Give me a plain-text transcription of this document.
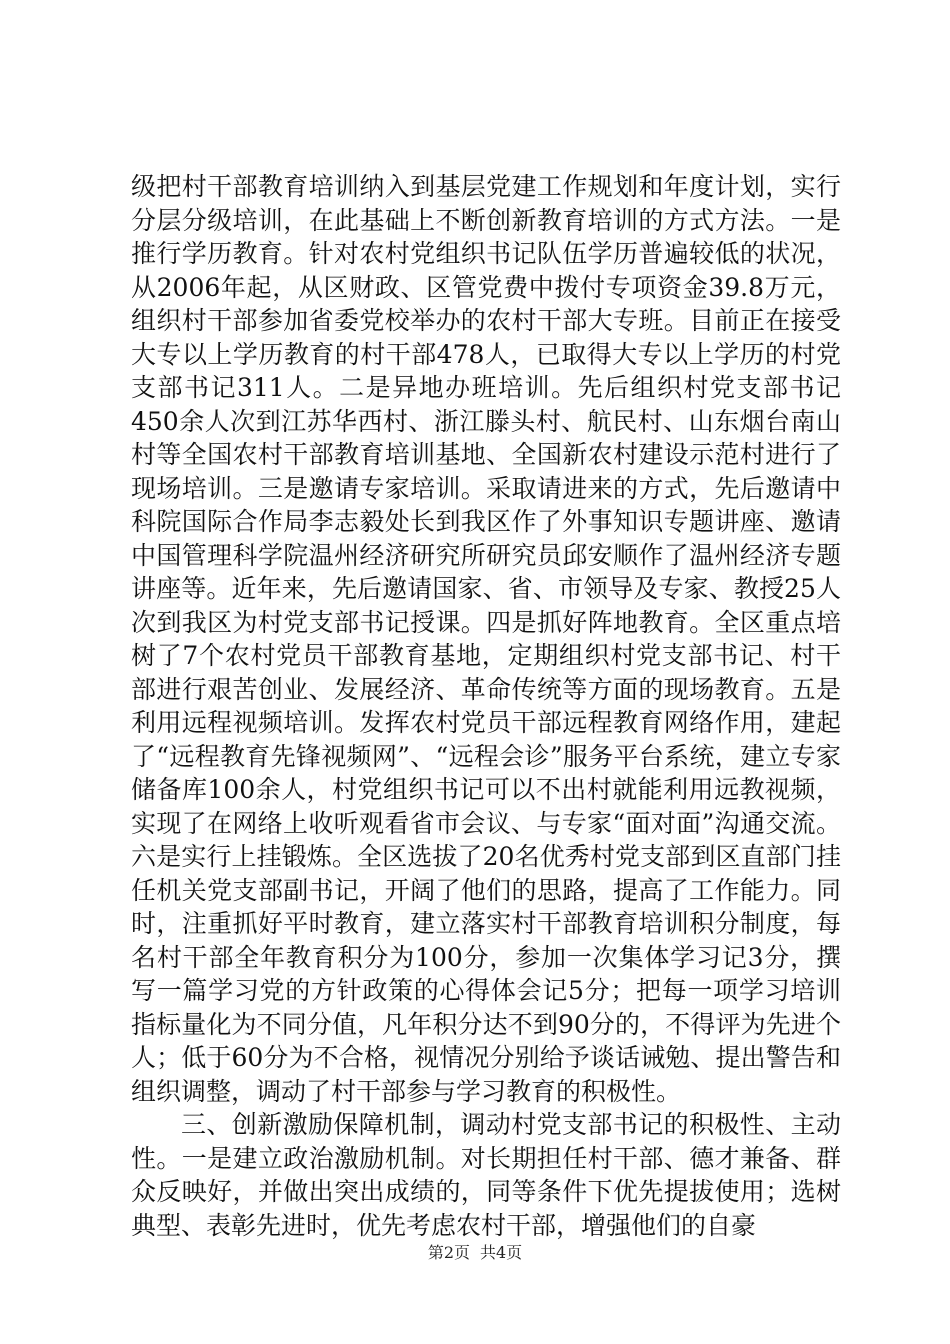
级把村干部教育培训纳入到基层党建工作规划和年度计划，实行分层分级培训，在此基础上不断创新教育培训的方式方法。一是推行学历教育。针对农村党组织书记队伍学历普遍较低的状况，从2006年起，从区财政、区管党费中拨付专项资金39.8万元，组织村干部参加省委党校举办的农村干部大专班。目前正在接受大专以上学历教育的村干部478人，已取得大专以上学历的村党支部书记311人。二是异地办班培训。先后组织村党支部书记450余人次到江苏华西村、浙江滕头村、航民村、山东烟台南山村等全国农村干部教育培训基地、全国新农村建设示范村进行了现场培训。三是邀请专家培训。采取请进来的方式，先后邀请中科院国际合作局李志毅处长到我区作了外事知识专题讲座、邀请中国管理科学院温州经济研究所研究员邱安顺作了温州经济专题讲座等。近年来，先后邀请国家、省、市领导及专家、教授25人次到我区为村党支部书记授课。四是抓好阵地教育。全区重点培树了7个农村党员干部教育基地，定期组织村党支部书记、村干部进行艰苦创业、发展经济、革命传统等方面的现场教育。五是利用远程视频培训。发挥农村党员干部远程教育网络作用，建起了“远程教育先锋视频网”、“远程会诊”服务平台系统，建立专家储备库100余人，村党组织书记可以不出村就能利用远教视频，实现了在网络上收听观看省市会议、与专家“面对面”沟通交流。六是实行上挂锻炼。全区选拔了20名优秀村党支部到区直部门挂任机关党支部副书记，开阔了他们的思路，提高了工作能力。同时，注重抓好平时教育，建立落实村干部教育培训积分制度，每名村干部全年教育积分为100分，参加一次集体学习记3分，撰写一篇学习党的方针政策的心得体会记5分；把每一项学习培训指标量化为不同分值，凡年积分达不到90分的，不得评为先进个人；低于60分为不合格，视情况分别给予谈话诫勉、提出警告和组织调整，调动了村干部参与学习教育的积极性。

三、创新激励保障机制，调动村党支部书记的积极性、主动性。一是建立政治激励机制。对长期担任村干部、德才兼备、群众反映好，并做出突出成绩的，同等条件下优先提拔使用；选树典型、表彰先进时，优先考虑农村干部，增强他们的自豪

第2页 共4页
